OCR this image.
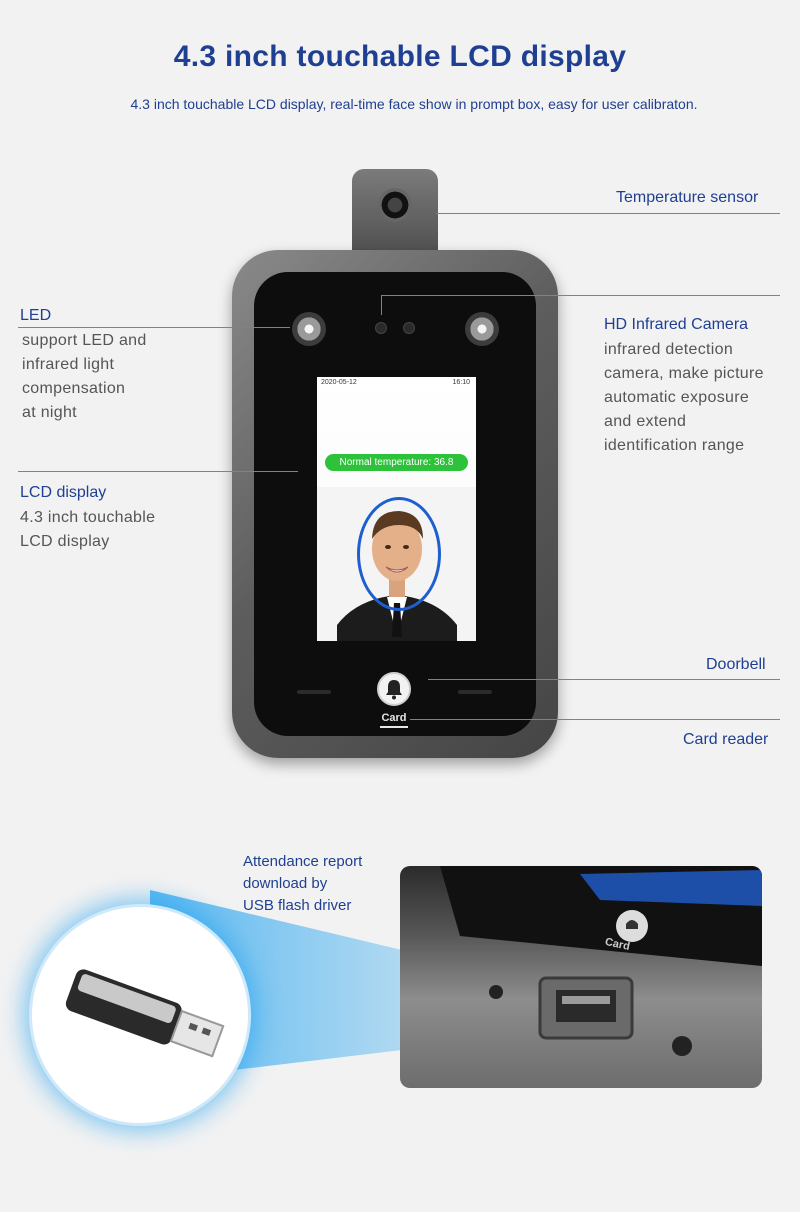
4.3 inch touchable LCD display
4.3 inch touchable LCD display, real-time face show in prompt box, easy for user calibraton.
2020-05-12	16:10
Normal temperature: 36.8
Card
Temperature sensor
LED
support LED and
infrared light
compensation
at night
HD Infrared Camera
infrared detection
camera, make picture
automatic exposure
and extend
identification range
LCD display
4.3 inch touchable
LCD display
Doorbell
Card reader
Attendance report
download by
USB flash driver
Card
